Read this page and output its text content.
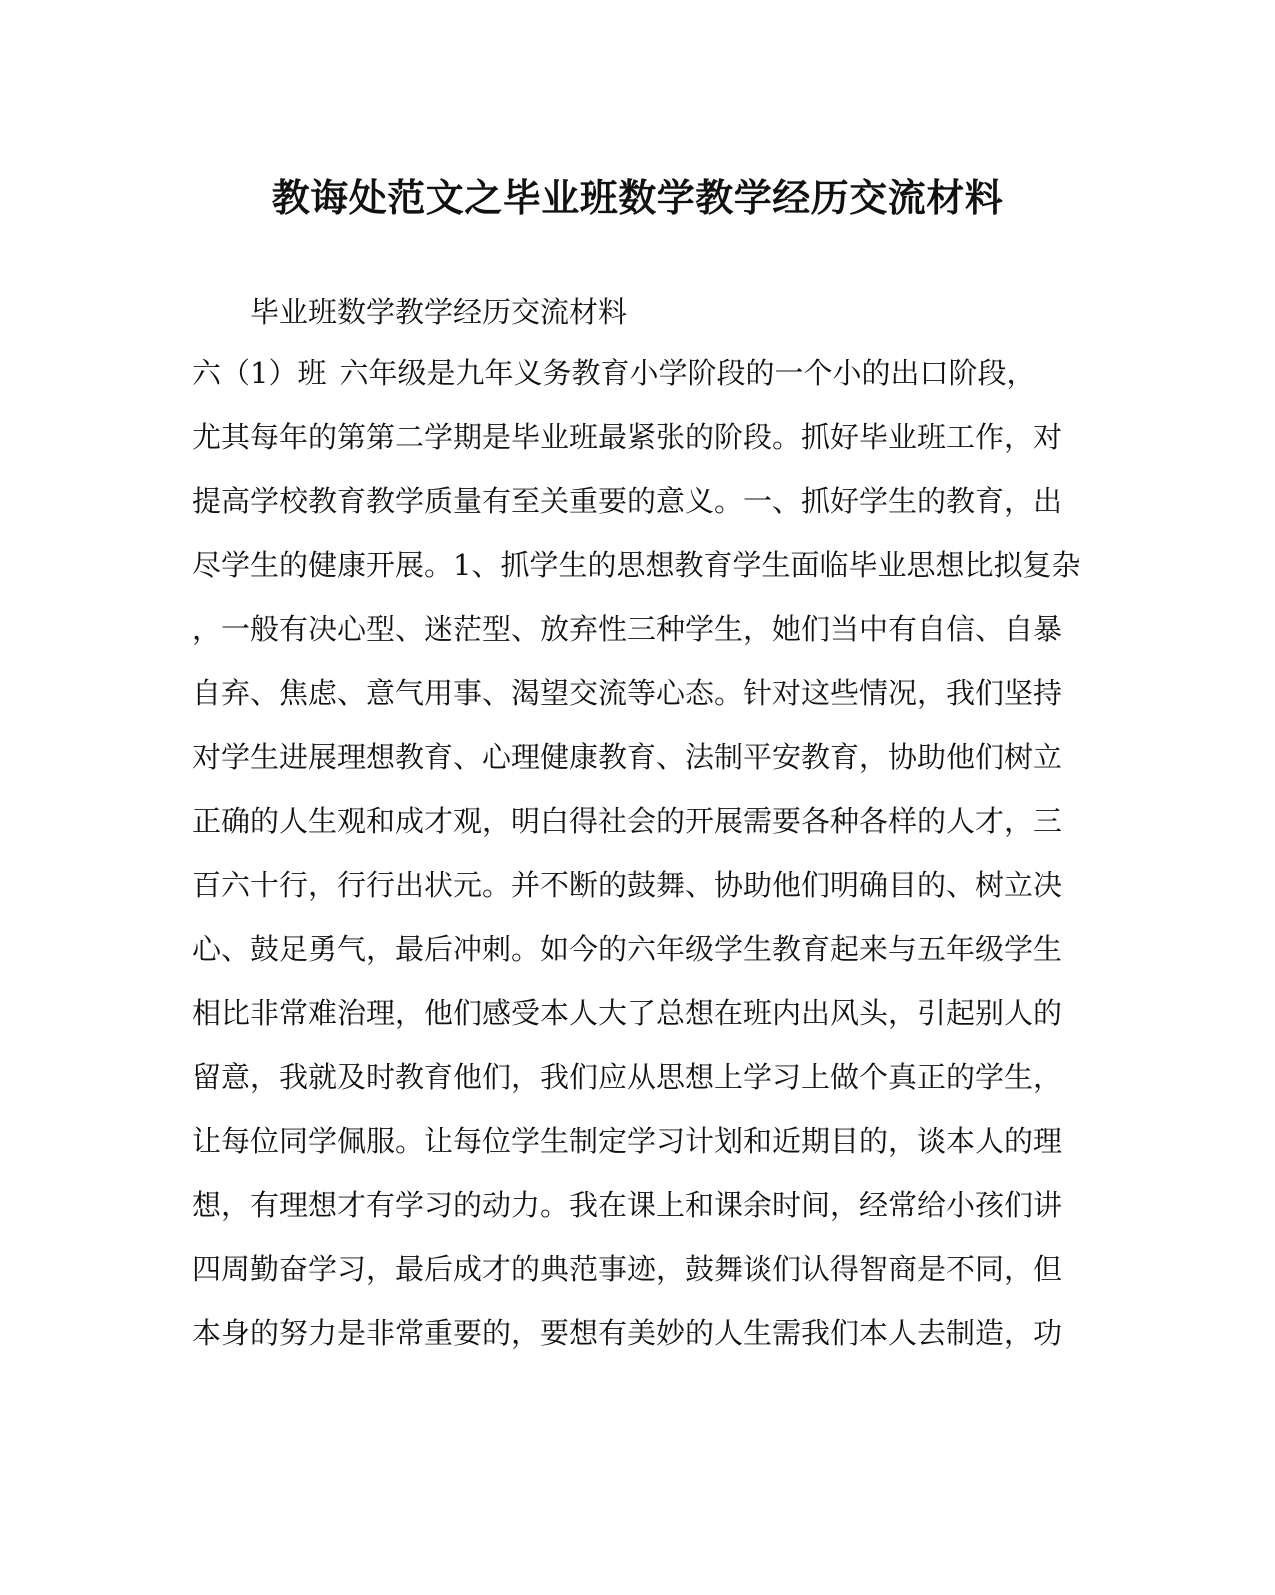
教诲处范文之毕业班数学教学经历交流材料
毕业班数学教学经历交流材料
六（1）班	六年级是九年义务教育小学阶段的一个小的出口阶段，
尤其每年的第第二学期是毕业班最紧张的阶段。抓好毕业班工作，对
提高学校教育教学质量有至关重要的意义。一、抓好学生的教育，出
尽学生的健康开展。1、抓学生的思想教育学生面临毕业思想比拟复杂
，一般有决心型、迷茫型、放弃性三种学生，她们当中有自信、自暴
自弃、焦虑、意气用事、渴望交流等心态。针对这些情况，我们坚持
对学生进展理想教育、心理健康教育、法制平安教育，协助他们树立
正确的人生观和成才观，明白得社会的开展需要各种各样的人才，三
百六十行，行行出状元。并不断的鼓舞、协助他们明确目的、树立决
心、鼓足勇气，最后冲刺。如今的六年级学生教育起来与五年级学生
相比非常难治理，他们感受本人大了总想在班内出风头，引起别人的
留意，我就及时教育他们，我们应从思想上学习上做个真正的学生，
让每位同学佩服。让每位学生制定学习计划和近期目的，谈本人的理
想，有理想才有学习的动力。我在课上和课余时间，经常给小孩们讲
四周勤奋学习，最后成才的典范事迹，鼓舞谈们认得智商是不同，但
本身的努力是非常重要的，要想有美妙的人生需我们本人去制造，功
